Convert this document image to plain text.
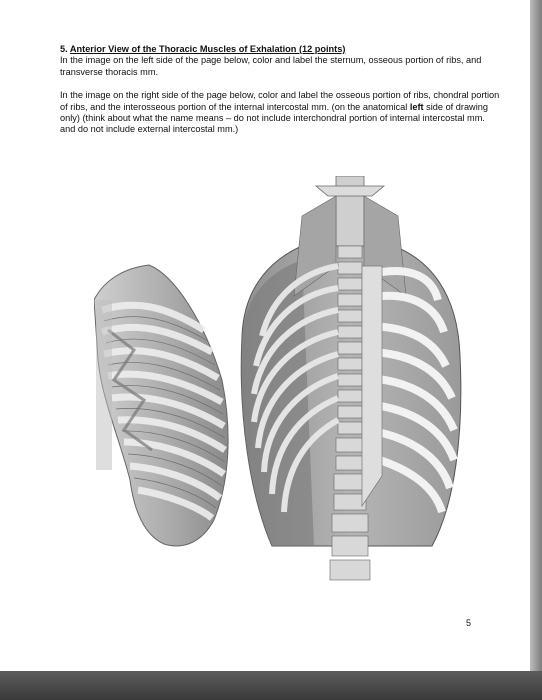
5. Anterior View of the Thoracic Muscles of Exhalation (12 points)

In the image on the left side of the page below, color and label the sternum, osseous portion of ribs, and transverse thoracis mm.

In the image on the right side of the page below, color and label the osseous portion of ribs, chondral portion of ribs, and the interosseous portion of the internal intercostal mm. (on the anatomical left side of drawing only) (think about what the name means – do not include interchondral portion of internal intercostal mm. and do not include external intercostal mm.)

5
